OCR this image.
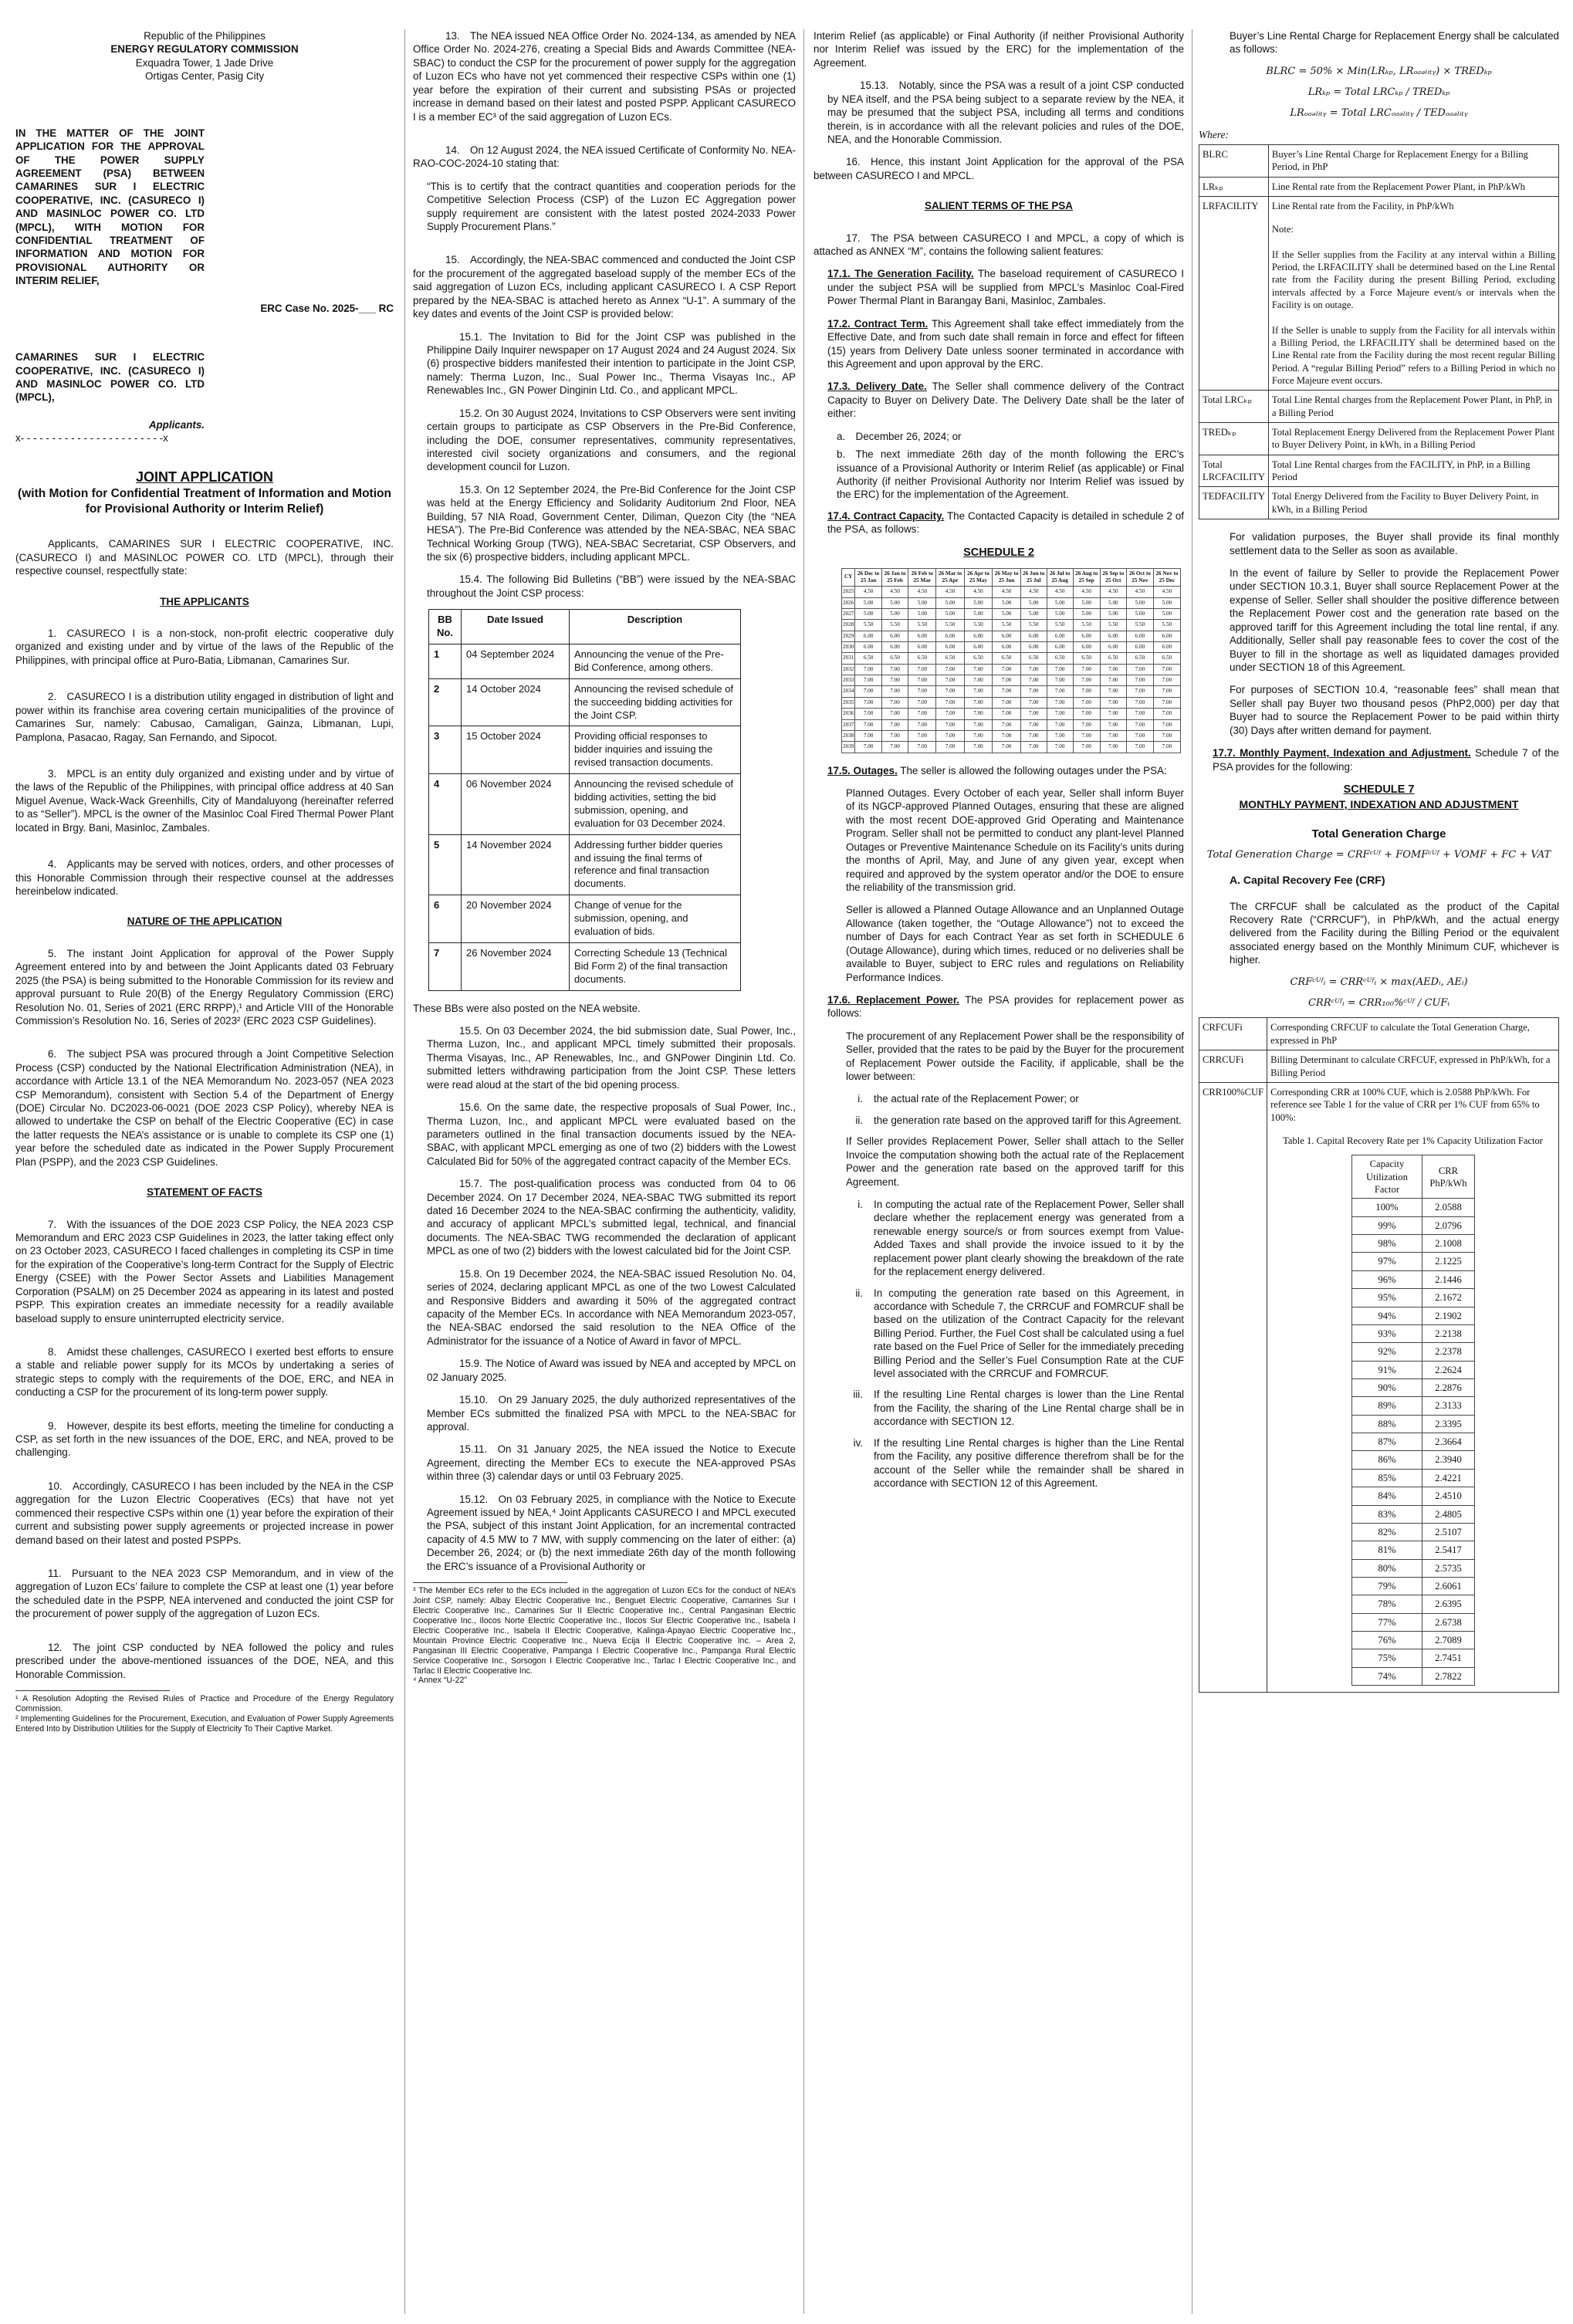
Republic of the Philippines
ENERGY REGULATORY COMMISSION
Exquadra Tower, 1 Jade Drive
Ortigas Center, Pasig City
IN THE MATTER OF THE JOINT APPLICATION FOR THE APPROVAL OF THE POWER SUPPLY AGREEMENT (PSA) BETWEEN CAMARINES SUR I ELECTRIC COOPERATIVE, INC. (CASURECO I) AND MASINLOC POWER CO. LTD (MPCL), WITH MOTION FOR CONFIDENTIAL TREATMENT OF INFORMATION AND MOTION FOR PROVISIONAL AUTHORITY OR INTERIM RELIEF,
ERC Case No. 2025-___ RC
CAMARINES SUR I ELECTRIC COOPERATIVE, INC. (CASURECO I) AND MASINLOC POWER CO. LTD (MPCL),
Applicants.
x- - - - - - - - - - - - - - - - - - - - - - -x
JOINT APPLICATION
(with Motion for Confidential Treatment of Information and Motion for Provisional Authority or Interim Relief)

Applicants, CAMARINES SUR I ELECTRIC COOPERATIVE, INC. (CASURECO I) and MASINLOC POWER CO. LTD (MPCL), through their respective counsel, respectfully state:

THE APPLICANTS

1. CASURECO I is a non-stock, non-profit electric cooperative duly organized and existing under and by virtue of the laws of the Republic of the Philippines, with principal office at Puro-Batia, Libmanan, Camarines Sur.

2. CASURECO I is a distribution utility engaged in distribution of light and power within its franchise area covering certain municipalities of the province of Camarines Sur, namely: Cabusao, Camaligan, Gainza, Libmanan, Lupi, Pamplona, Pasacao, Ragay, San Fernando, and Sipocot.

3. MPCL is an entity duly organized and existing under and by virtue of the laws of the Republic of the Philippines, with principal office address at 40 San Miguel Avenue, Wack-Wack Greenhills, City of Mandaluyong (hereinafter referred to as “Seller”). MPCL is the owner of the Masinloc Coal Fired Thermal Power Plant located in Brgy. Bani, Masinloc, Zambales.

4. Applicants may be served with notices, orders, and other processes of this Honorable Commission through their respective counsel at the addresses hereinbelow indicated.

NATURE OF THE APPLICATION

5. The instant Joint Application for approval of the Power Supply Agreement entered into by and between the Joint Applicants dated 03 February 2025 (the PSA) is being submitted to the Honorable Commission for its review and approval pursuant to Rule 20(B) of the Energy Regulatory Commission (ERC) Resolution No. 01, Series of 2021 (ERC RRPP),¹ and Article VIII of the Honorable Commission’s Resolution No. 16, Series of 2023² (ERC 2023 CSP Guidelines).

6. The subject PSA was procured through a Joint Competitive Selection Process (CSP) conducted by the National Electrification Administration (NEA), in accordance with Article 13.1 of the NEA Memorandum No. 2023-057 (NEA 2023 CSP Memorandum), consistent with Section 5.4 of the Department of Energy (DOE) Circular No. DC2023-06-0021 (DOE 2023 CSP Policy), whereby NEA is allowed to undertake the CSP on behalf of the Electric Cooperative (EC) in case the latter requests the NEA’s assistance or is unable to complete its CSP one (1) year before the scheduled date as indicated in the Power Supply Procurement Plan (PSPP), and the 2023 CSP Guidelines.

STATEMENT OF FACTS

7. With the issuances of the DOE 2023 CSP Policy, the NEA 2023 CSP Memorandum and ERC 2023 CSP Guidelines in 2023, the latter taking effect only on 23 October 2023, CASURECO I faced challenges in completing its CSP in time for the expiration of the Cooperative’s long-term Contract for the Supply of Electric Energy (CSEE) with the Power Sector Assets and Liabilities Management Corporation (PSALM) on 25 December 2024 as appearing in its latest and posted PSPP. This expiration creates an immediate necessity for a readily available baseload supply to ensure uninterrupted electricity service.

8. Amidst these challenges, CASURECO I exerted best efforts to ensure a stable and reliable power supply for its MCOs by undertaking a series of strategic steps to comply with the requirements of the DOE, ERC, and NEA in conducting a CSP for the procurement of its long-term power supply.

9. However, despite its best efforts, meeting the timeline for conducting a CSP, as set forth in the new issuances of the DOE, ERC, and NEA, proved to be challenging.

10. Accordingly, CASURECO I has been included by the NEA in the CSP aggregation for the Luzon Electric Cooperatives (ECs) that have not yet commenced their respective CSPs within one (1) year before the expiration of their current and subsisting power supply agreements or projected increase in power demand based on their latest and posted PSPPs.

11. Pursuant to the NEA 2023 CSP Memorandum, and in view of the aggregation of Luzon ECs’ failure to complete the CSP at least one (1) year before the scheduled date in the PSPP, NEA intervened and conducted the joint CSP for the procurement of power supply of the aggregation of Luzon ECs.

12. The joint CSP conducted by NEA followed the policy and rules prescribed under the above-mentioned issuances of the DOE, NEA, and this Honorable Commission.

¹ A Resolution Adopting the Revised Rules of Practice and Procedure of the Energy Regulatory Commission.
² Implementing Guidelines for the Procurement, Execution, and Evaluation of Power Supply Agreements Entered Into by Distribution Utilities for the Supply of Electricity To Their Captive Market.

13. The NEA issued NEA Office Order No. 2024-134, as amended by NEA Office Order No. 2024-276, creating a Special Bids and Awards Committee (NEA-SBAC) to conduct the CSP for the procurement of power supply for the aggregation of Luzon ECs who have not yet commenced their respective CSPs within one (1) year before the expiration of their current and subsisting PSAs or projected increase in demand based on their latest and posted PSPP. Applicant CASURECO I is a member EC³ of the said aggregation of Luzon ECs.

14. On 12 August 2024, the NEA issued Certificate of Conformity No. NEA-RAO-COC-2024-10 stating that:

“This is to certify that the contract quantities and cooperation periods for the Competitive Selection Process (CSP) of the Luzon EC Aggregation power supply requirement are consistent with the latest posted 2024-2033 Power Supply Procurement Plans.”

15. Accordingly, the NEA-SBAC commenced and conducted the Joint CSP for the procurement of the aggregated baseload supply of the member ECs of the said aggregation of Luzon ECs, including applicant CASURECO I. A CSP Report prepared by the NEA-SBAC is attached hereto as Annex “U-1”. A summary of the key dates and events of the Joint CSP is provided below:

15.1. The Invitation to Bid for the Joint CSP was published in the Philippine Daily Inquirer newspaper on 17 August 2024 and 24 August 2024. Six (6) prospective bidders manifested their intention to participate in the Joint CSP, namely: Therma Luzon, Inc., Sual Power Inc., Therma Visayas Inc., AP Renewables Inc., GN Power Dinginin Ltd. Co., and applicant MPCL.

15.2. On 30 August 2024, Invitations to CSP Observers were sent inviting certain groups to participate as CSP Observers in the Pre-Bid Conference, including the DOE, consumer representatives, community representatives, interested civil society organizations and consumers, and the regional development council for Luzon.

15.3. On 12 September 2024, the Pre-Bid Conference for the Joint CSP was held at the Energy Efficiency and Solidarity Auditorium 2nd Floor, NEA Building, 57 NIA Road, Government Center, Diliman, Quezon City (the “NEA HESA”). The Pre-Bid Conference was attended by the NEA-SBAC, NEA SBAC Technical Working Group (TWG), NEA-SBAC Secretariat, CSP Observers, and the six (6) prospective bidders, including applicant MPCL.

15.4. The following Bid Bulletins (“BB”) were issued by the NEA-SBAC throughout the Joint CSP process:

BB No.	Date Issued	Description
1	04 September 2024	Announcing the venue of the Pre-Bid Conference, among others.
2	14 October 2024	Announcing the revised schedule of the succeeding bidding activities for the Joint CSP.
3	15 October 2024	Providing official responses to bidder inquiries and issuing the revised transaction documents.
4	06 November 2024	Announcing the revised schedule of bidding activities, setting the bid submission, opening, and evaluation for 03 December 2024.
5	14 November 2024	Addressing further bidder queries and issuing the final terms of reference and final transaction documents.
6	20 November 2024	Change of venue for the submission, opening, and evaluation of bids.
7	26 November 2024	Correcting Schedule 13 (Technical Bid Form 2) of the final transaction documents.

These BBs were also posted on the NEA website.

15.5. On 03 December 2024, the bid submission date, Sual Power, Inc., Therma Luzon, Inc., and applicant MPCL timely submitted their proposals. Therma Visayas, Inc., AP Renewables, Inc., and GNPower Dinginin Ltd. Co. submitted letters withdrawing participation from the Joint CSP. These letters were read aloud at the start of the bid opening process.

15.6. On the same date, the respective proposals of Sual Power, Inc., Therma Luzon, Inc., and applicant MPCL were evaluated based on the parameters outlined in the final transaction documents issued by the NEA-SBAC, with applicant MPCL emerging as one of two (2) bidders with the Lowest Calculated Bid for 50% of the aggregated contract capacity of the Member ECs.

15.7. The post-qualification process was conducted from 04 to 06 December 2024. On 17 December 2024, NEA-SBAC TWG submitted its report dated 16 December 2024 to the NEA-SBAC confirming the authenticity, validity, and accuracy of applicant MPCL’s submitted legal, technical, and financial documents. The NEA-SBAC TWG recommended the declaration of applicant MPCL as one of two (2) bidders with the lowest calculated bid for the Joint CSP.

15.8. On 19 December 2024, the NEA-SBAC issued Resolution No. 04, series of 2024, declaring applicant MPCL as one of the two Lowest Calculated and Responsive Bidders and awarding it 50% of the aggregated contract capacity of the Member ECs. In accordance with NEA Memorandum 2023-057, the NEA-SBAC endorsed the said resolution to the NEA Office of the Administrator for the issuance of a Notice of Award in favor of MPCL.

15.9. The Notice of Award was issued by NEA and accepted by MPCL on 02 January 2025.

15.10. On 29 January 2025, the duly authorized representatives of the Member ECs submitted the finalized PSA with MPCL to the NEA-SBAC for approval.

15.11. On 31 January 2025, the NEA issued the Notice to Execute Agreement, directing the Member ECs to execute the NEA-approved PSAs within three (3) calendar days or until 03 February 2025.

15.12. On 03 February 2025, in compliance with the Notice to Execute Agreement issued by NEA,⁴ Joint Applicants CASURECO I and MPCL executed the PSA, subject of this instant Joint Application, for an incremental contracted capacity of 4.5 MW to 7 MW, with supply commencing on the later of either: (a) December 26, 2024; or (b) the next immediate 26th day of the month following the ERC’s issuance of a Provisional Authority or

³ The Member ECs refer to the ECs included in the aggregation of Luzon ECs for the conduct of NEA’s Joint CSP, namely: Albay Electric Cooperative Inc., Benguet Electric Cooperative, Camarines Sur I Electric Cooperative Inc., Camarines Sur II Electric Cooperative Inc., Central Pangasinan Electric Cooperative Inc., Ilocos Norte Electric Cooperative Inc., Ilocos Sur Electric Cooperative Inc., Isabela I Electric Cooperative Inc., Isabela II Electric Cooperative, Kalinga-Apayao Electric Cooperative Inc., Mountain Province Electric Cooperative Inc., Nueva Ecija II Electric Cooperative Inc. – Area 2, Pangasinan III Electric Cooperative, Pampanga I Electric Cooperative Inc., Pampanga Rural Electric Service Cooperative Inc., Sorsogon I Electric Cooperative Inc., Tarlac I Electric Cooperative Inc., and Tarlac II Electric Cooperative Inc.
⁴ Annex “U-22”

Interim Relief (as applicable) or Final Authority (if neither Provisional Authority nor Interim Relief was issued by the ERC) for the implementation of the Agreement.

15.13. Notably, since the PSA was a result of a joint CSP conducted by NEA itself, and the PSA being subject to a separate review by the NEA, it may be presumed that the subject PSA, including all terms and conditions therein, is in accordance with all the relevant policies and rules of the DOE, NEA, and the Honorable Commission.

16. Hence, this instant Joint Application for the approval of the PSA between CASURECO I and MPCL.

SALIENT TERMS OF THE PSA

17. The PSA between CASURECO I and MPCL, a copy of which is attached as ANNEX “M”, contains the following salient features:

17.1. The Generation Facility. The baseload requirement of CASURECO I under the subject PSA will be supplied from MPCL’s Masinloc Coal-Fired Power Thermal Plant in Barangay Bani, Masinloc, Zambales.

17.2. Contract Term. This Agreement shall take effect immediately from the Effective Date, and from such date shall remain in force and effect for fifteen (15) years from Delivery Date unless sooner terminated in accordance with this Agreement and upon approval by the ERC.

17.3. Delivery Date. The Seller shall commence delivery of the Contract Capacity to Buyer on Delivery Date. The Delivery Date shall be the later of either:

a. December 26, 2024; or
b. The next immediate 26th day of the month following the ERC’s issuance of a Provisional Authority or Interim Relief (as applicable) or Final Authority (if neither Provisional Authority nor Interim Relief was issued by the ERC) for the implementation of the Agreement.

17.4. Contract Capacity. The Contacted Capacity is detailed in schedule 2 of the PSA, as follows:

SCHEDULE 2
CY	26 Dec to 25 Jan	26 Jan to 25 Feb	26 Feb to 25 Mar	26 Mar to 25 Apr	26 Apr to 25 May	26 May to 25 Jun	26 Jun to 25 Jul	26 Jul to 25 Aug	26 Aug to 25 Sep	26 Sep to 25 Oct	26 Oct to 25 Nov	26 Nov to 25 Dec
2025	4.50	4.50	4.50	4.50	4.50	4.50	4.50	4.50	4.50	4.50	4.50	4.50
2026	5.00	5.00	5.00	5.00	5.00	5.00	5.00	5.00	5.00	5.00	5.00	5.00
2027	5.00	5.00	5.00	5.00	5.00	5.00	5.00	5.00	5.00	5.00	5.00	5.00
2028	5.50	5.50	5.50	5.50	5.50	5.50	5.50	5.50	5.50	5.50	5.50	5.50
2029	6.00	6.00	6.00	6.00	6.00	6.00	6.00	6.00	6.00	6.00	6.00	6.00
2030	6.00	6.00	6.00	6.00	6.00	6.00	6.00	6.00	6.00	6.00	6.00	6.00
2031	6.50	6.50	6.50	6.50	6.50	6.50	6.50	6.50	6.50	6.50	6.50	6.50
2032	7.00	7.00	7.00	7.00	7.00	7.00	7.00	7.00	7.00	7.00	7.00	7.00
2033	7.00	7.00	7.00	7.00	7.00	7.00	7.00	7.00	7.00	7.00	7.00	7.00
2034	7.00	7.00	7.00	7.00	7.00	7.00	7.00	7.00	7.00	7.00	7.00	7.00
2035	7.00	7.00	7.00	7.00	7.00	7.00	7.00	7.00	7.00	7.00	7.00	7.00
2036	7.00	7.00	7.00	7.00	7.00	7.00	7.00	7.00	7.00	7.00	7.00	7.00
2037	7.00	7.00	7.00	7.00	7.00	7.00	7.00	7.00	7.00	7.00	7.00	7.00
2038	7.00	7.00	7.00	7.00	7.00	7.00	7.00	7.00	7.00	7.00	7.00	7.00
2039	7.00	7.00	7.00	7.00	7.00	7.00	7.00	7.00	7.00	7.00	7.00	7.00

17.5. Outages. The seller is allowed the following outages under the PSA:

Planned Outages. Every October of each year, Seller shall inform Buyer of its NGCP-approved Planned Outages, ensuring that these are aligned with the most recent DOE-approved Grid Operating and Maintenance Program. Seller shall not be permitted to conduct any plant-level Planned Outages or Preventive Maintenance Schedule on its Facility’s units during the months of April, May, and June of any given year, except when required and approved by the system operator and/or the DOE to ensure the reliability of the transmission grid.

Seller is allowed a Planned Outage Allowance and an Unplanned Outage Allowance (taken together, the “Outage Allowance”) not to exceed the number of Days for each Contract Year as set forth in SCHEDULE 6 (Outage Allowance), during which times, reduced or no deliveries shall be available to Buyer, subject to ERC rules and regulations on Reliability Performance Indices.

17.6. Replacement Power. The PSA provides for replacement power as follows:

The procurement of any Replacement Power shall be the responsibility of Seller, provided that the rates to be paid by the Buyer for the procurement of Replacement Power outside the Facility, if applicable, shall be the lower between:

i. the actual rate of the Replacement Power; or
ii. the generation rate based on the approved tariff for this Agreement.

If Seller provides Replacement Power, Seller shall attach to the Seller Invoice the computation showing both the actual rate of the Replacement Power and the generation rate based on the approved tariff for this Agreement.

i. In computing the actual rate of the Replacement Power, Seller shall declare whether the replacement energy was generated from a renewable energy source/s or from sources exempt from Value-Added Taxes and shall provide the invoice issued to it by the replacement power plant clearly showing the breakdown of the rate for the replacement energy delivered.
ii. In computing the generation rate based on this Agreement, in accordance with Schedule 7, the CRRCUF and FOMRCUF shall be based on the utilization of the Contract Capacity for the relevant Billing Period. Further, the Fuel Cost shall be calculated using a fuel rate based on the Fuel Price of Seller for the immediately preceding Billing Period and the Seller’s Fuel Consumption Rate at the CUF level associated with the CRRCUF and FOMRCUF.
iii. If the resulting Line Rental charges is lower than the Line Rental from the Facility, the sharing of the Line Rental charge shall be in accordance with SECTION 12.
iv. If the resulting Line Rental charges is higher than the Line Rental from the Facility, any positive difference therefrom shall be for the account of the Seller while the remainder shall be shared in accordance with SECTION 12 of this Agreement.

Buyer’s Line Rental Charge for Replacement Energy shall be calculated as follows:

BLRC = 50% × Min(LRₖₚ, LRₒₐₔₗᵢₜᵧ) × TREDₖₚ
LRₖₚ = Total LRCₖₚ / TREDₖₚ
LRₒₐₔₗᵢₜᵧ = Total LRCₒₐₔₗᵢₜᵧ / TEDₒₐₔₗᵢₜᵧ
Where:
BLRC	Buyer’s Line Rental Charge for Replacement Energy for a Billing Period, in PhP
LRₖₚ	Line Rental rate from the Replacement Power Plant, in PhP/kWh
LRFACILITY	Line Rental rate from the Facility, in PhP/kWh
Note:
If the Seller supplies from the Facility at any interval within a Billing Period, the LRFACILITY shall be determined based on the Line Rental rate from the Facility during the present Billing Period, excluding intervals affected by a Force Majeure event/s or intervals when the Facility is on outage.
If the Seller is unable to supply from the Facility for all intervals within a Billing Period, the LRFACILITY shall be determined based on the Line Rental rate from the Facility during the most recent regular Billing Period. A “regular Billing Period” refers to a Billing Period in which no Force Majeure event occurs.

Total LRCₖₚ	Total Line Rental charges from the Replacement Power Plant, in PhP, in a Billing Period
TREDₖₚ	Total Replacement Energy Delivered from the Replacement Power Plant to Buyer Delivery Point, in kWh, in a Billing Period
Total LRCFACILITY	Total Line Rental charges from the FACILITY, in PhP, in a Billing Period
TEDFACILITY	Total Energy Delivered from the Facility to Buyer Delivery Point, in kWh, in a Billing Period

For validation purposes, the Buyer shall provide its final monthly settlement data to the Seller as soon as available.

In the event of failure by Seller to provide the Replacement Power under SECTION 10.3.1, Buyer shall source Replacement Power at the expense of Seller. Seller shall shoulder the positive difference between the Replacement Power cost and the generation rate based on the approved tariff for this Agreement including the total line rental, if any. Additionally, Seller shall pay reasonable fees to cover the cost of the Buyer to fill in the shortage as well as liquidated damages provided under SECTION 18 of this Agreement.

For purposes of SECTION 10.4, “reasonable fees” shall mean that Seller shall pay Buyer two thousand pesos (PhP2,000) per day that Buyer had to source the Replacement Power to be paid within thirty (30) Days after written demand for payment.

17.7. Monthly Payment, Indexation and Adjustment. Schedule 7 of the PSA provides for the following:

SCHEDULE 7
MONTHLY PAYMENT, INDEXATION AND ADJUSTMENT
Total Generation Charge
Total Generation Charge = CRFᶜᵁᶠ + FOMFᶜᵁᶠ + VOMF + FC + VAT
A. Capital Recovery Fee (CRF)

The CRFCUF shall be calculated as the product of the Capital Recovery Rate (“CRRCUF”), in PhP/kWh, and the actual energy delivered from the Facility during the Billing Period or the equivalent associated energy based on the Monthly Minimum CUF, whichever is higher.

CRFᶜᵁᶠᵢ = CRRᶜᵁᶠᵢ × max(AEDᵢ, AEᵢ)
CRRᶜᵁᶠᵢ = CRR₁₀₀%ᶜᵁᶠ / CUFᵢ
CRFCUFi	Corresponding CRFCUF to calculate the Total Generation Charge, expressed in PhP
CRRCUFi	Billing Determinant to calculate CRFCUF, expressed in PhP/kWh, for a Billing Period
CRR100%CUF	Corresponding CRR at 100% CUF, which is 2.0588 PhP/kWh. For reference see Table 1 for the value of CRR per 1% CUF from 65% to 100%:
Table 1. Capital Recovery Rate per 1% Capacity Utilization Factor
Capacity Utilization Factor	CRR PhP/kWh
100%	2.0588
99%	2.0796
98%	2.1008
97%	2.1225
96%	2.1446
95%	2.1672
94%	2.1902
93%	2.2138
92%	2.2378
91%	2.2624
90%	2.2876
89%	2.3133
88%	2.3395
87%	2.3664
86%	2.3940
85%	2.4221
84%	2.4510
83%	2.4805
82%	2.5107
81%	2.5417
80%	2.5735
79%	2.6061
78%	2.6395
77%	2.6738
76%	2.7089
75%	2.7451
74%	2.7822
